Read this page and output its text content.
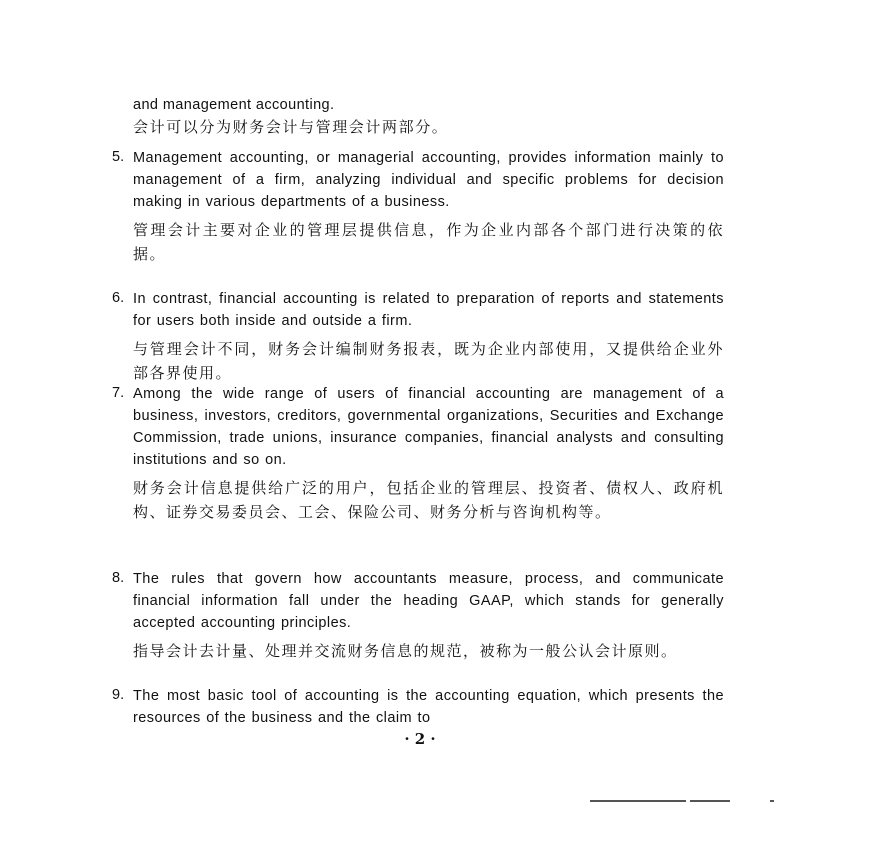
and management accounting.
会计可以分为财务会计与管理会计两部分。
5. Management accounting, or managerial accounting, provides information mainly to management of a firm, analyzing individual and specific problems for decision making in various departments of a business.
管理会计主要对企业的管理层提供信息，作为企业内部各个部门进行决策的依据。
6. In contrast, financial accounting is related to preparation of reports and statements for users both inside and outside a firm.
与管理会计不同，财务会计编制财务报表，既为企业内部使用，又提供给企业外部各界使用。
7. Among the wide range of users of financial accounting are management of a business, investors, creditors, governmental organizations, Securities and Exchange Commission, trade unions, insurance companies, financial analysts and consulting institutions and so on.
财务会计信息提供给广泛的用户，包括企业的管理层、投资者、债权人、政府机构、证券交易委员会、工会、保险公司、财务分析与咨询机构等。
8. The rules that govern how accountants measure, process, and communicate financial information fall under the heading GAAP, which stands for generally accepted accounting principles.
指导会计去计量、处理并交流财务信息的规范，被称为一般公认会计原则。
9. The most basic tool of accounting is the accounting equation, which presents the resources of the business and the claim to
· 2 ·
